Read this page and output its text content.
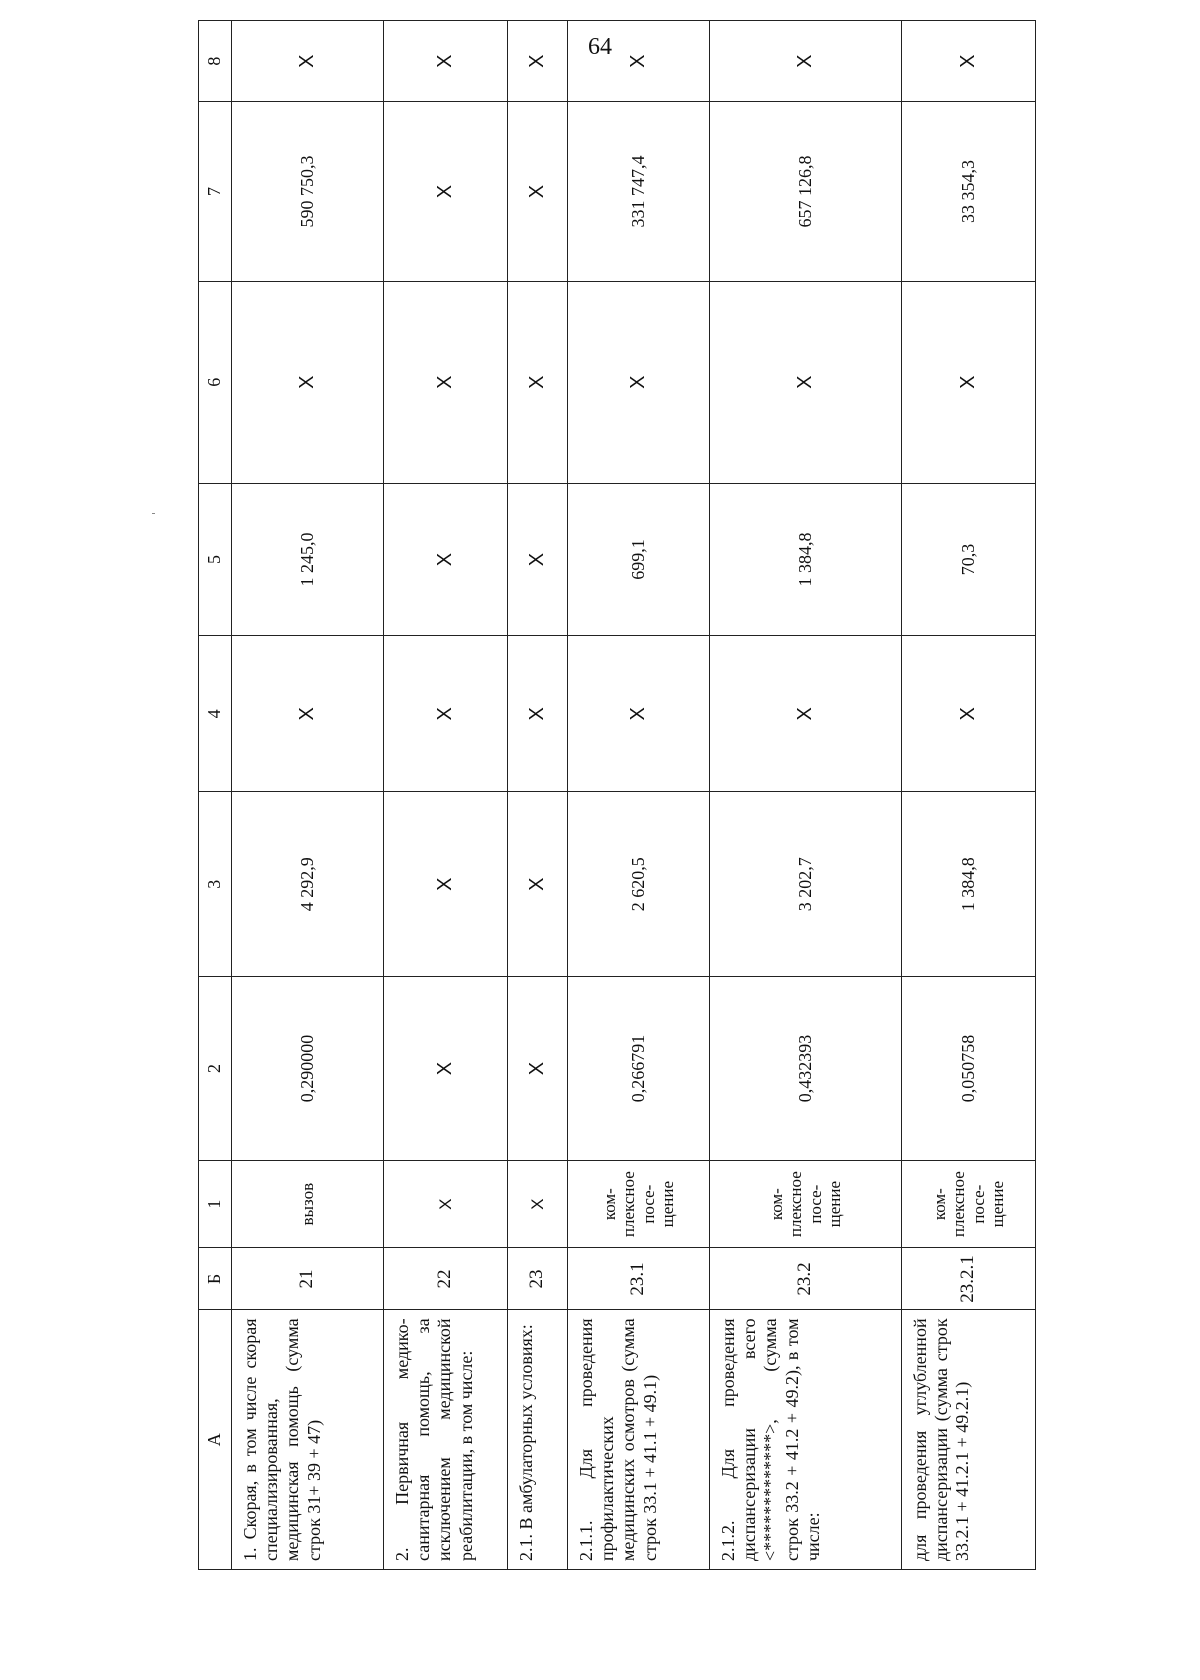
64
А	Б	1	2	3	4	5	6	7	8
1. Скорая, в том числе скорая специализированная, медицинская помощь (сумма строк 31+ 39 + 47)	21	вызов	0,290000	4 292,9	X	1 245,0	X	590 750,3	X
2. Первичная медико-санитарная помощь, за исключением медицинской реабилитации, в том числе:	22	X	X	X	X	X	X	X	X
2.1. В амбулаторных условиях:	23	X	X	X	X	X	X	X	X
2.1.1. Для проведения профилактических медицинских осмотров (сумма строк 33.1 + 41.1 + 49.1)	23.1	ком- плексное посе- щение	0,266791	2 620,5	X	699,1	X	331 747,4	X
2.1.2. Для проведения диспансеризации всего <*************>, (сумма строк 33.2 + 41.2 + 49.2), в том числе:	23.2	ком- плексное посе- щение	0,432393	3 202,7	X	1 384,8	X	657 126,8	X
для проведения углубленной диспансеризации (сумма строк 33.2.1 + 41.2.1 + 49.2.1)	23.2.1	ком- плексное посе- щение	0,050758	1 384,8	X	70,3	X	33 354,3	X
